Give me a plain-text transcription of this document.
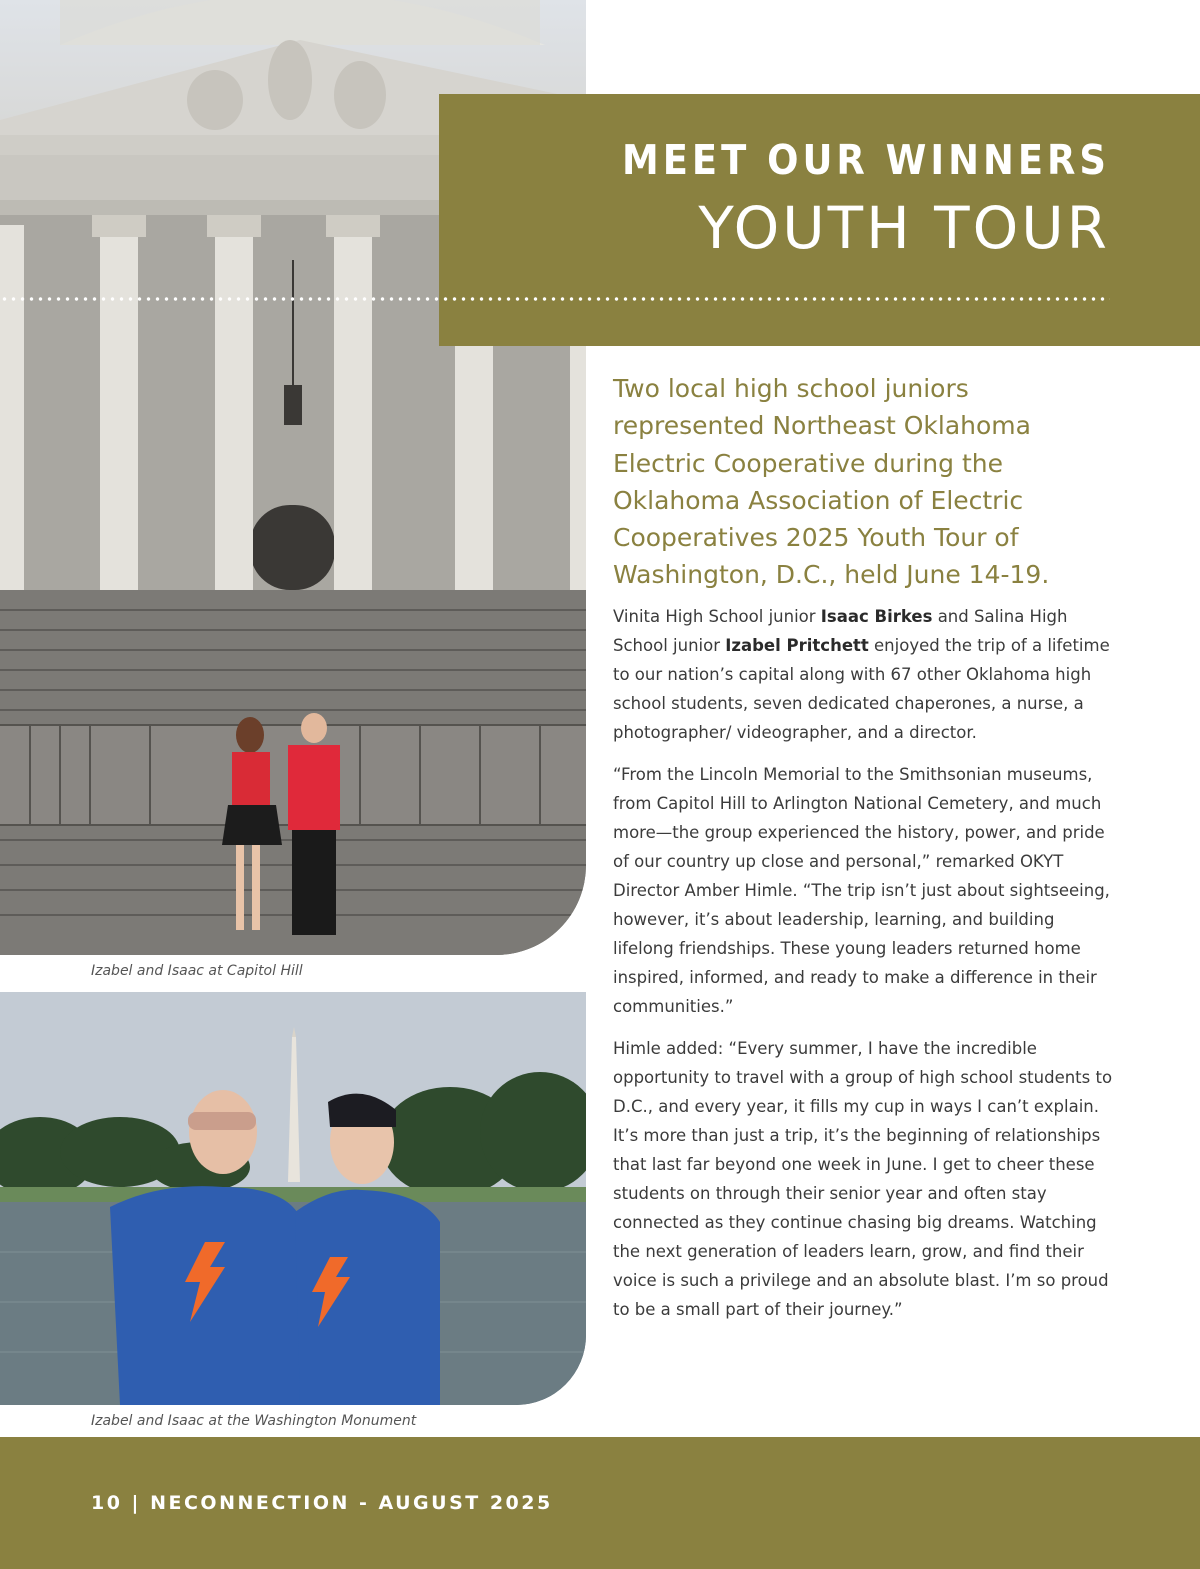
Izabel and Isaac at Capitol Hill

Izabel and Isaac at the Washington Monument

MEET OUR WINNERS
YOUTH TOUR

Two local high school juniors represented Northeast Oklahoma Electric Cooperative during the Oklahoma Association of Electric Cooperatives 2025 Youth Tour of Washington, D.C., held June 14-19.

Vinita High School junior Isaac Birkes and Salina High School junior Izabel Pritchett enjoyed the trip of a lifetime to our nation’s capital along with 67 other Oklahoma high school students, seven dedicated chaperones, a nurse, a photographer/ videographer, and a director.

“From the Lincoln Memorial to the Smithsonian museums, from Capitol Hill to Arlington National Cemetery, and much more—the group experienced the history, power, and pride of our country up close and personal,” remarked OKYT Director Amber Himle. “The trip isn’t just about sightseeing, however, it’s about leadership, learning, and building lifelong friendships. These young leaders returned home inspired, informed, and ready to make a difference in their communities.”

Himle added: “Every summer, I have the incredible opportunity to travel with a group of high school students to D.C., and every year, it fills my cup in ways I can’t explain. It’s more than just a trip, it’s the beginning of relationships that last far beyond one week in June. I get to cheer these students on through their senior year and often stay connected as they continue chasing big dreams. Watching the next generation of leaders learn, grow, and find their voice is such a privilege and an absolute blast. I’m so proud to be a small part of their journey.”

10 | NECONNECTION - AUGUST 2025
